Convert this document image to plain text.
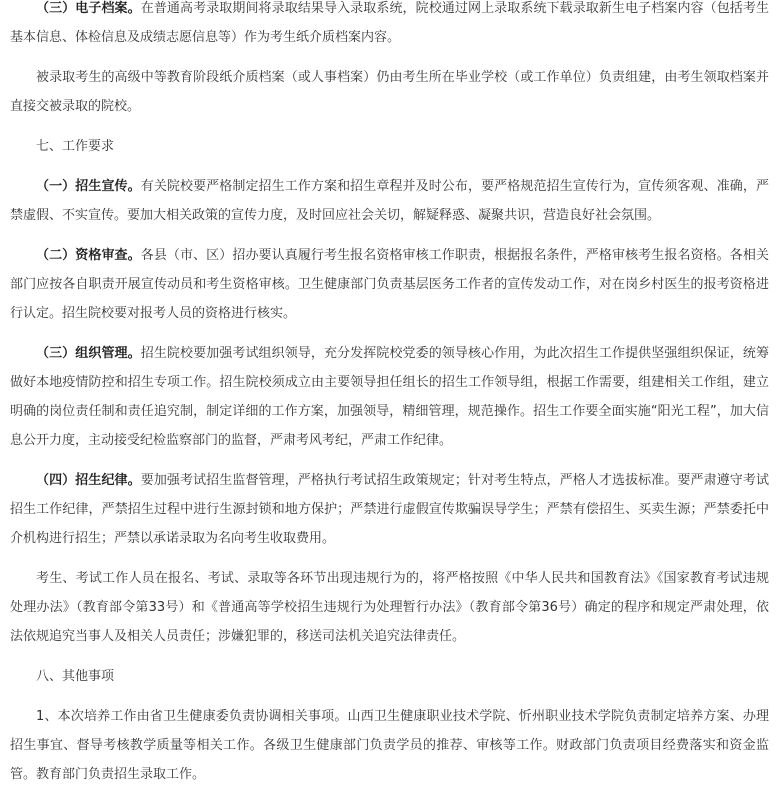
（三）电子档案。在普通高考录取期间将录取结果导入录取系统，院校通过网上录取系统下载录取新生电子档案内容（包括考生基本信息、体检信息及成绩志愿信息等）作为考生纸介质档案内容。

被录取考生的高级中等教育阶段纸介质档案（或人事档案）仍由考生所在毕业学校（或工作单位）负责组建，由考生领取档案并直接交被录取的院校。

七、工作要求

（一）招生宣传。有关院校要严格制定招生工作方案和招生章程并及时公布，要严格规范招生宣传行为，宣传须客观、准确，严禁虚假、不实宣传。要加大相关政策的宣传力度，及时回应社会关切，解疑释惑、凝聚共识，营造良好社会氛围。

（二）资格审查。各县（市、区）招办要认真履行考生报名资格审核工作职责，根据报名条件，严格审核考生报名资格。各相关部门应按各自职责开展宣传动员和考生资格审核。卫生健康部门负责基层医务工作者的宣传发动工作，对在岗乡村医生的报考资格进行认定。招生院校要对报考人员的资格进行核实。

（三）组织管理。招生院校要加强考试组织领导，充分发挥院校党委的领导核心作用，为此次招生工作提供坚强组织保证，统筹做好本地疫情防控和招生专项工作。招生院校须成立由主要领导担任组长的招生工作领导组，根据工作需要，组建相关工作组，建立明确的岗位责任制和责任追究制，制定详细的工作方案，加强领导，精细管理，规范操作。招生工作要全面实施“阳光工程”，加大信息公开力度，主动接受纪检监察部门的监督，严肃考风考纪，严肃工作纪律。

（四）招生纪律。要加强考试招生监督管理，严格执行考试招生政策规定；针对考生特点，严格人才选拔标准。要严肃遵守考试招生工作纪律，严禁招生过程中进行生源封锁和地方保护；严禁进行虚假宣传欺骗误导学生；严禁有偿招生、买卖生源；严禁委托中介机构进行招生；严禁以承诺录取为名向考生收取费用。

考生、考试工作人员在报名、考试、录取等各环节出现违规行为的，将严格按照《中华人民共和国教育法》《国家教育考试违规处理办法》（教育部令第33号）和《普通高等学校招生违规行为处理暂行办法》（教育部令第36号）确定的程序和规定严肃处理，依法依规追究当事人及相关人员责任；涉嫌犯罪的，移送司法机关追究法律责任。

八、其他事项

1、本次培养工作由省卫生健康委负责协调相关事项。山西卫生健康职业技术学院、忻州职业技术学院负责制定培养方案、办理招生事宜、督导考核教学质量等相关工作。各级卫生健康部门负责学员的推荐、审核等工作。财政部门负责项目经费落实和资金监管。教育部门负责招生录取工作。
